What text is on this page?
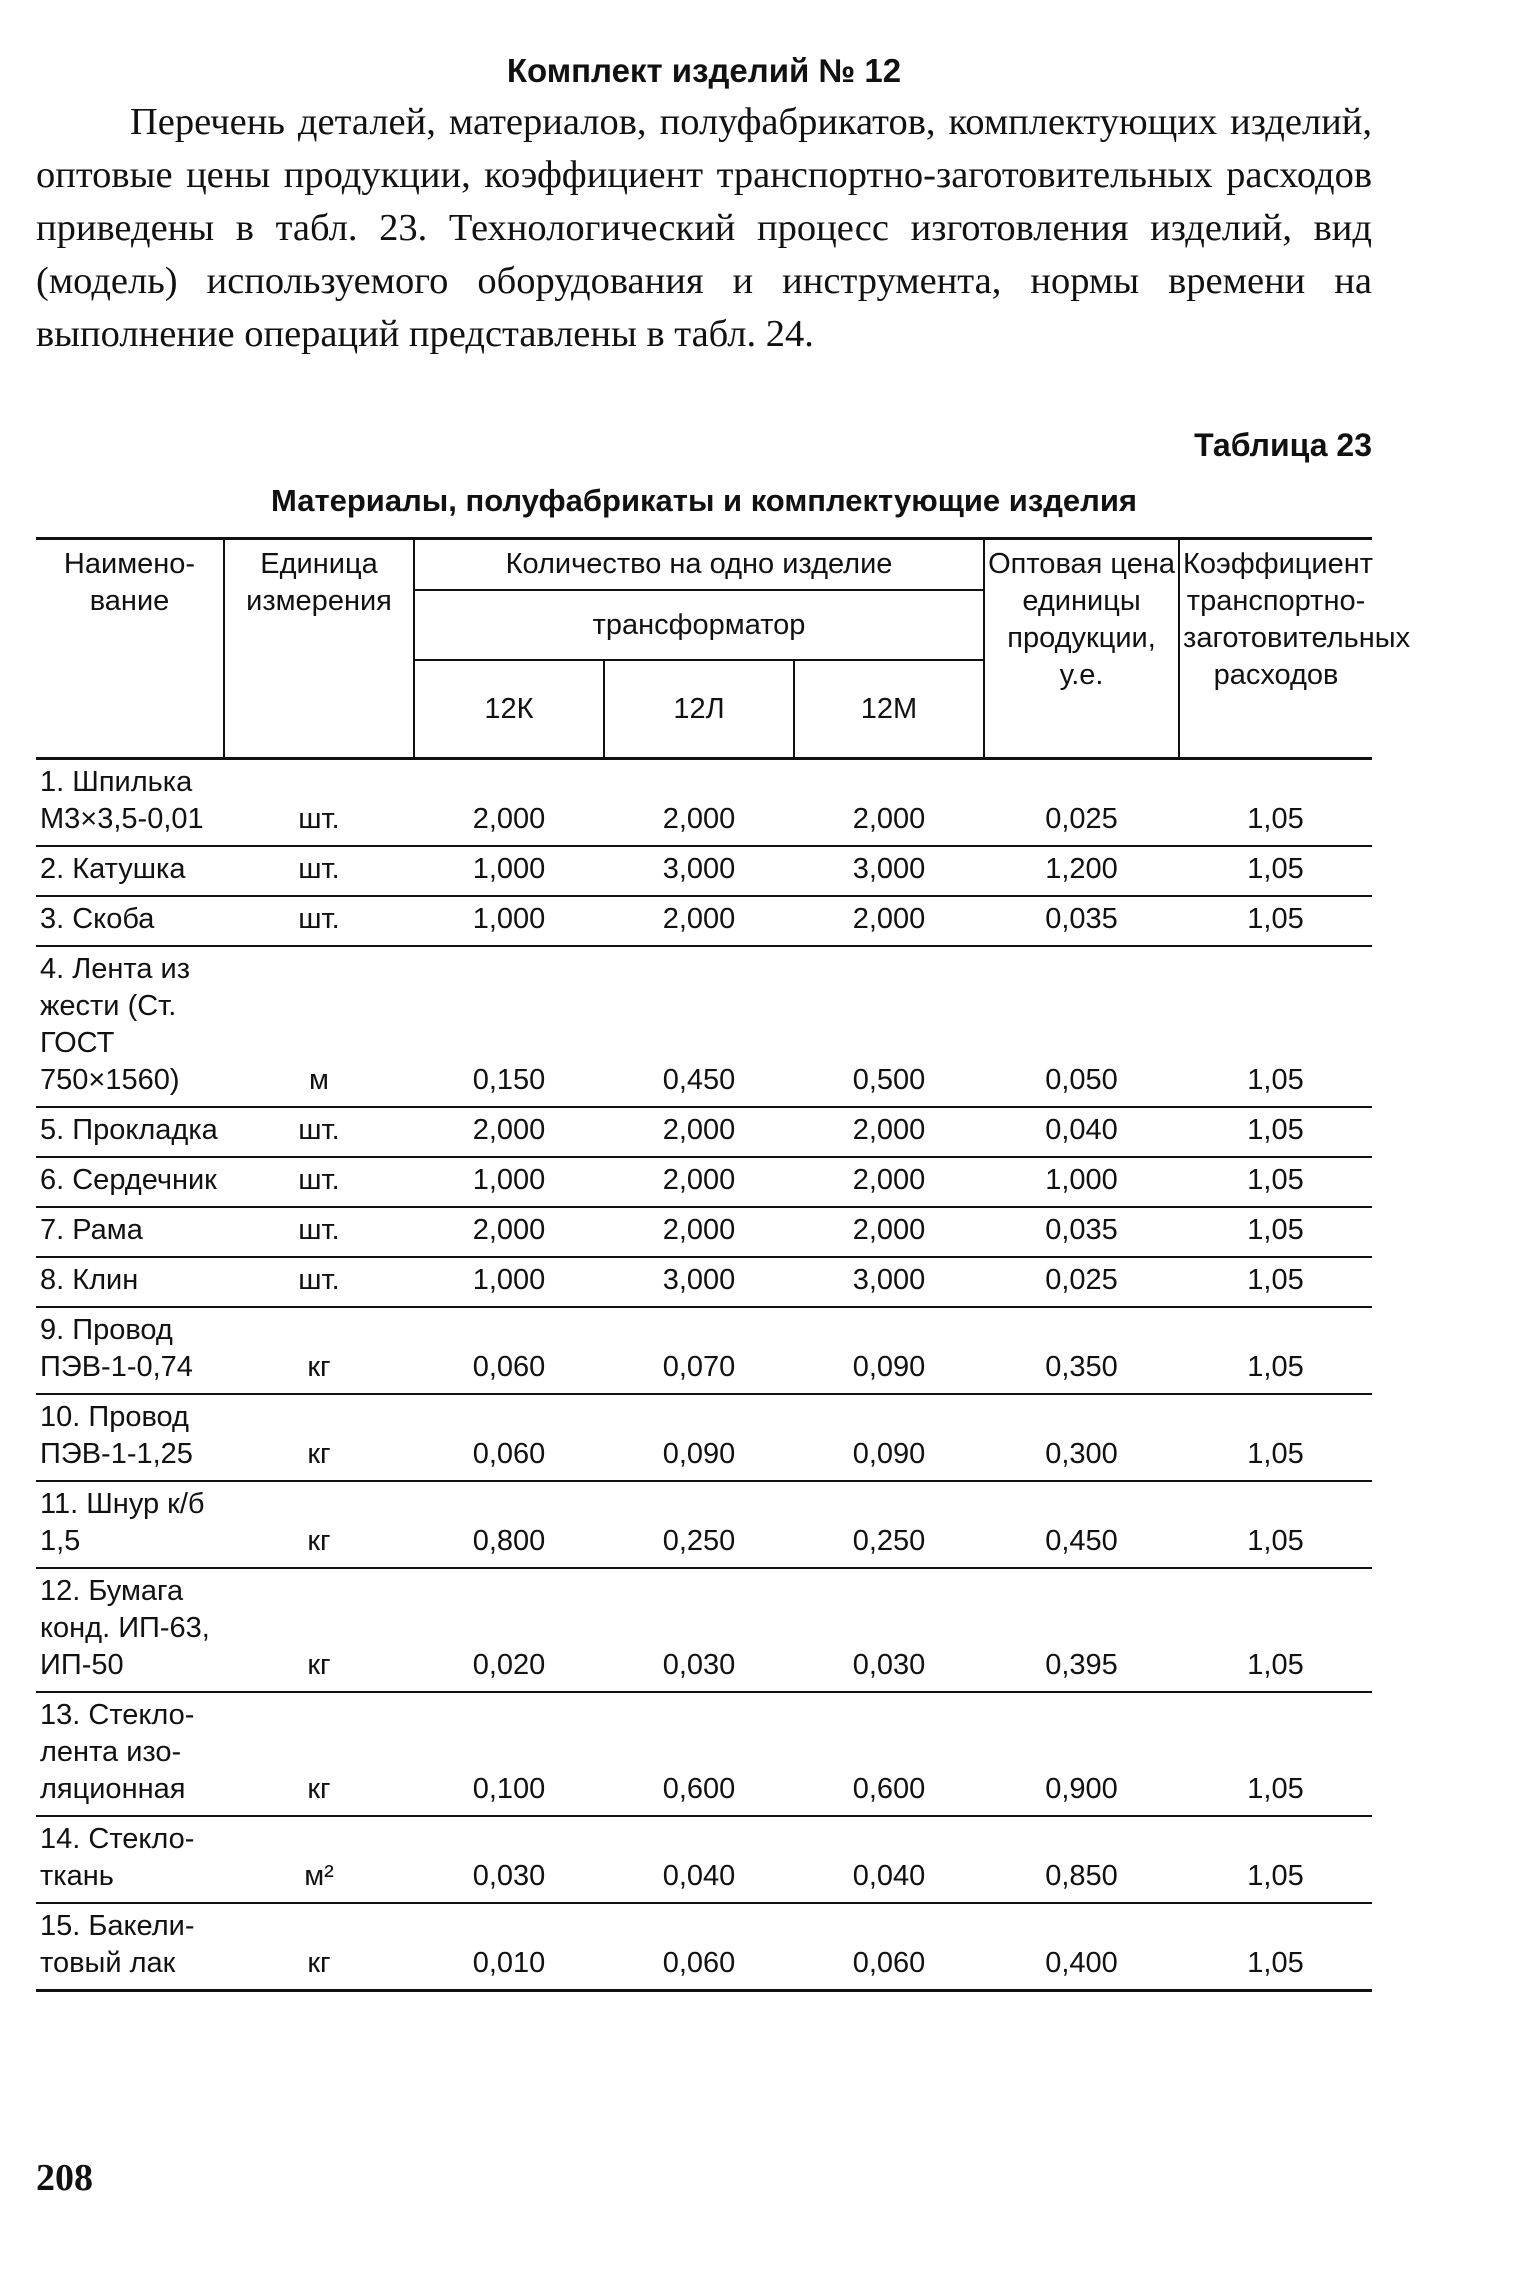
Комплект изделий № 12

Перечень деталей, материалов, полуфабрикатов, комплектующих изделий, оптовые цены продукции, коэффициент транспортно-заготовительных расходов приведены в табл. 23. Технологический процесс изготовления изделий, вид (модель) используемого оборудования и инструмента, нормы времени на выполнение операций представлены в табл. 24.

Таблица 23
Материалы, полуфабрикаты и комплектующие изделия
Наимено-вание	Единица измерения	Количество на одно изделие			Оптовая цена единицы продукции, у.е.	Коэффициент транспортно-заготовительных расходов
		трансформатор				
		12К	12Л	12М		
1. Шпилька М3×3,5-0,01	шт.	2,000	2,000	2,000	0,025	1,05
2. Катушка	шт.	1,000	3,000	3,000	1,200	1,05
3. Скоба	шт.	1,000	2,000	2,000	0,035	1,05
4. Лента из жести (Ст. ГОСТ 750×1560)	м	0,150	0,450	0,500	0,050	1,05
5. Прокладка	шт.	2,000	2,000	2,000	0,040	1,05
6. Сердечник	шт.	1,000	2,000	2,000	1,000	1,05
7. Рама	шт.	2,000	2,000	2,000	0,035	1,05
8. Клин	шт.	1,000	3,000	3,000	0,025	1,05
9. Провод ПЭВ-1-0,74	кг	0,060	0,070	0,090	0,350	1,05
10. Провод ПЭВ-1-1,25	кг	0,060	0,090	0,090	0,300	1,05
11. Шнур к/б 1,5	кг	0,800	0,250	0,250	0,450	1,05
12. Бумага конд. ИП-63, ИП-50	кг	0,020	0,030	0,030	0,395	1,05
13. Стекло-лента изо-ляционная	кг	0,100	0,600	0,600	0,900	1,05
14. Стекло-ткань	м²	0,030	0,040	0,040	0,850	1,05
15. Бакели-товый лак	кг	0,010	0,060	0,060	0,400	1,05
208
